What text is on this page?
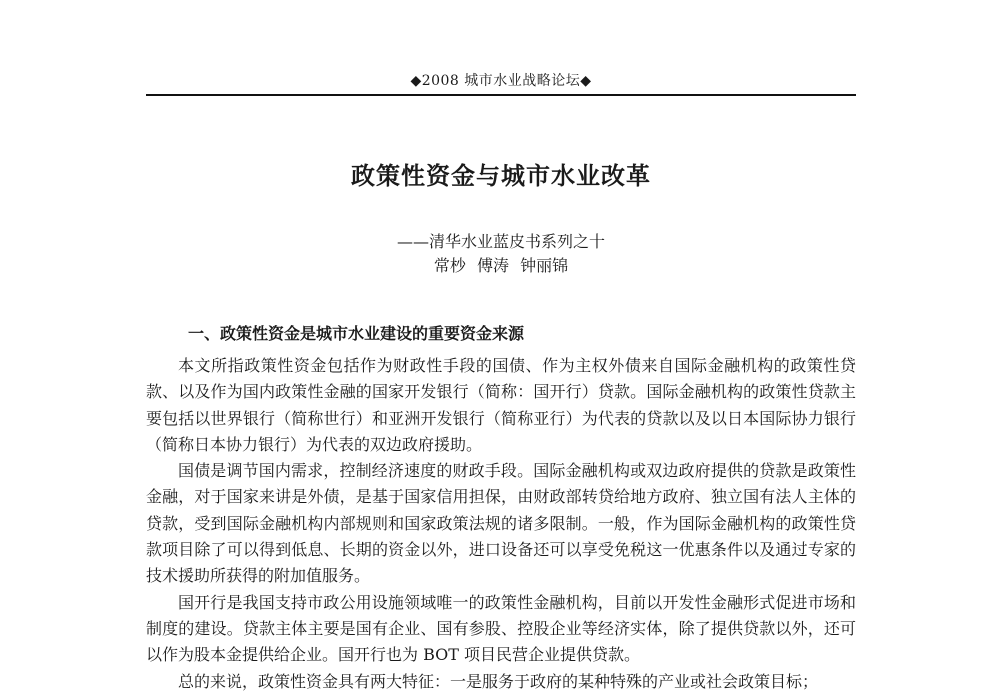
◆2008 城市水业战略论坛◆
政策性资金与城市水业改革
——清华水业蓝皮书系列之十
常杪 傅涛 钟丽锦
一、政策性资金是城市水业建设的重要资金来源

本文所指政策性资金包括作为财政性手段的国债、作为主权外债来自国际金融机构的政策性贷款、以及作为国内政策性金融的国家开发银行（简称：国开行）贷款。国际金融机构的政策性贷款主要包括以世界银行（简称世行）和亚洲开发银行（简称亚行）为代表的贷款以及以日本国际协力银行（简称日本协力银行）为代表的双边政府援助。

国债是调节国内需求，控制经济速度的财政手段。国际金融机构或双边政府提供的贷款是政策性金融，对于国家来讲是外债，是基于国家信用担保，由财政部转贷给地方政府、独立国有法人主体的贷款，受到国际金融机构内部规则和国家政策法规的诸多限制。一般，作为国际金融机构的政策性贷款项目除了可以得到低息、长期的资金以外，进口设备还可以享受免税这一优惠条件以及通过专家的技术援助所获得的附加值服务。

国开行是我国支持市政公用设施领域唯一的政策性金融机构，目前以开发性金融形式促进市场和制度的建设。贷款主体主要是国有企业、国有参股、控股企业等经济实体，除了提供贷款以外，还可以作为股本金提供给企业。国开行也为 BOT 项目民营企业提供贷款。

总的来说，政策性资金具有两大特征：一是服务于政府的某种特殊的产业或社会政策目标；
